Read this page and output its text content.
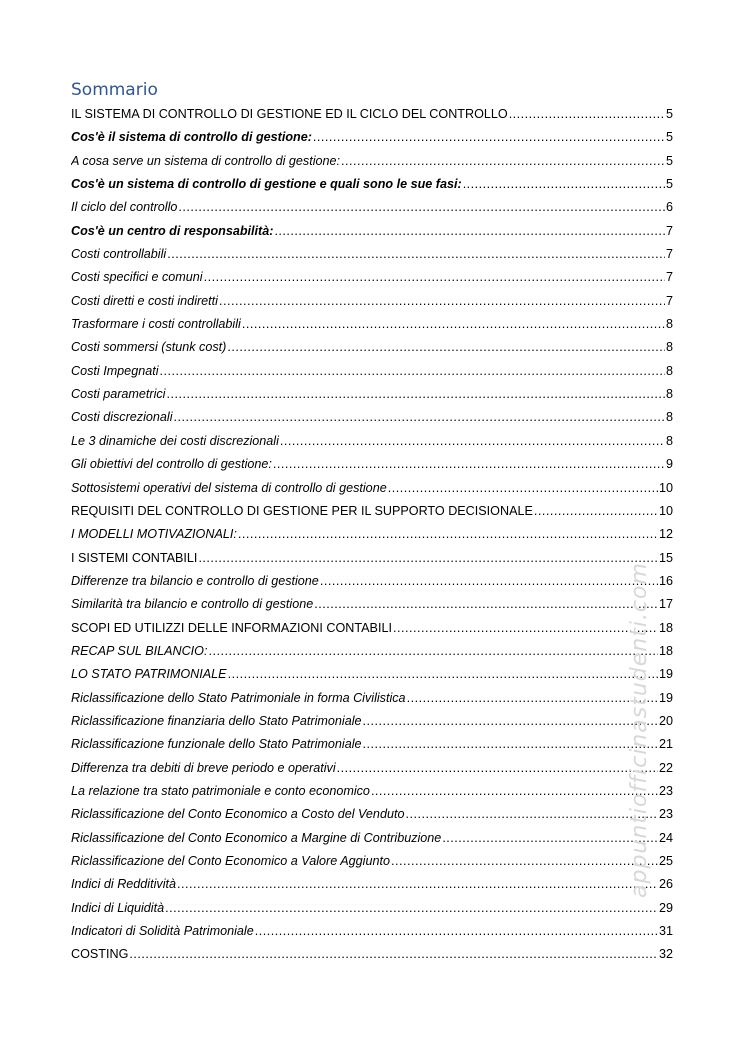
Sommario
IL SISTEMA DI CONTROLLO DI GESTIONE ED IL CICLO DEL CONTROLLO .....	5
Cos'è il sistema di controllo di gestione: .....	5
A cosa serve un sistema di controllo di gestione: .....	5
Cos'è un sistema di controllo di gestione e quali sono le sue fasi: .....	5
Il ciclo del controllo .....	6
Cos'è un centro di responsabilità: .....	7
Costi controllabili .....	7
Costi specifici e comuni .....	7
Costi diretti e costi indiretti .....	7
Trasformare i costi controllabili .....	8
Costi sommersi (stunk cost) .....	8
Costi Impegnati .....	8
Costi parametrici .....	8
Costi discrezionali .....	8
Le 3 dinamiche dei costi discrezionali .....	8
Gli obiettivi del controllo di gestione: .....	9
Sottosistemi operativi del sistema di controllo di gestione .....	10
REQUISITI DEL CONTROLLO DI GESTIONE PER IL SUPPORTO DECISIONALE .....	10
I MODELLI MOTIVAZIONALI: .....	12
I SISTEMI CONTABILI .....	15
Differenze tra bilancio e controllo di gestione .....	16
Similarità tra bilancio e controllo di gestione .....	17
SCOPI ED UTILIZZI DELLE INFORMAZIONI CONTABILI .....	18
RECAP SUL BILANCIO: .....	18
LO STATO PATRIMONIALE .....	19
Riclassificazione dello Stato Patrimoniale in forma Civilistica .....	19
Riclassificazione finanziaria dello Stato Patrimoniale .....	20
Riclassificazione funzionale dello Stato Patrimoniale .....	21
Differenza tra debiti di breve periodo e operativi .....	22
La relazione tra stato patrimoniale e conto economico .....	23
Riclassificazione del Conto Economico a Costo del Venduto .....	23
Riclassificazione del Conto Economico a Margine di Contribuzione .....	24
Riclassificazione del Conto Economico a Valore Aggiunto .....	25
Indici di Redditività .....	26
Indici di Liquidità .....	29
Indicatori di Solidità Patrimoniale .....	31
COSTING .....	32
appuntiofficinastudenti.com
